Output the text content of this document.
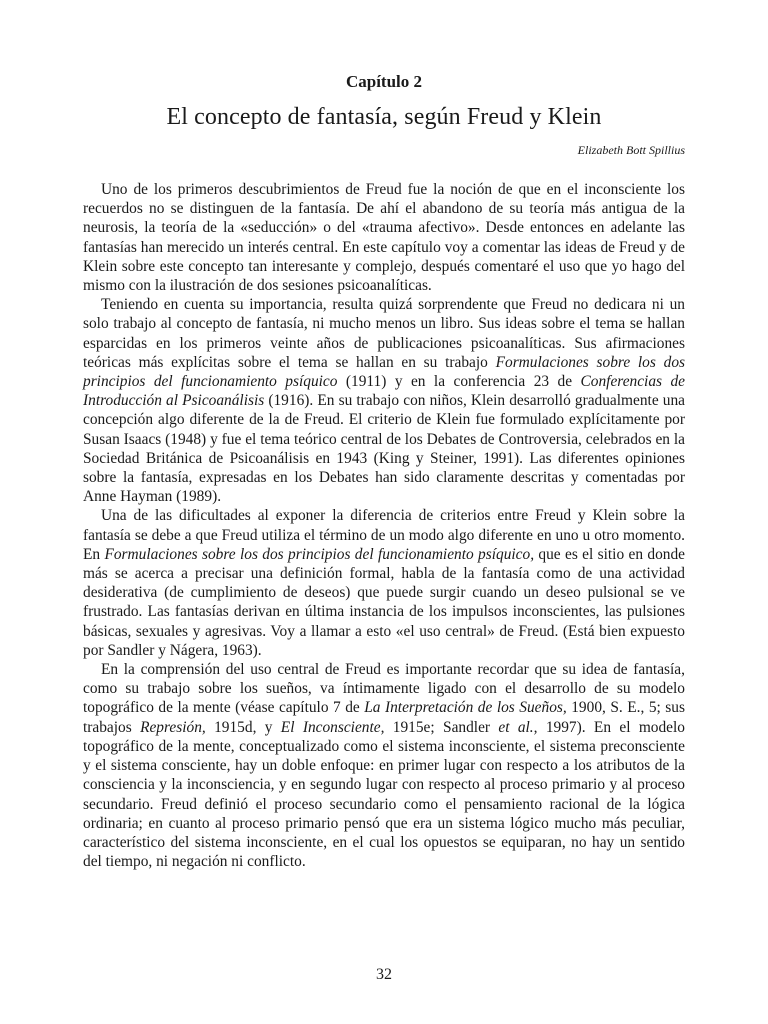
Capítulo 2
El concepto de fantasía, según Freud y Klein
Elizabeth Bott Spillius

Uno de los primeros descubrimientos de Freud fue la noción de que en el inconsciente los recuerdos no se distinguen de la fantasía. De ahí el abandono de su teoría más antigua de la neurosis, la teoría de la «seducción» o del «trauma afectivo». Desde entonces en adelante las fantasías han merecido un interés central. En este capítulo voy a comentar las ideas de Freud y de Klein sobre este concepto tan interesante y complejo, después comentaré el uso que yo hago del mismo con la ilustración de dos sesiones psicoanalíticas.

Teniendo en cuenta su importancia, resulta quizá sorprendente que Freud no dedicara ni un solo trabajo al concepto de fantasía, ni mucho menos un libro. Sus ideas sobre el tema se hallan esparcidas en los primeros veinte años de publicaciones psicoanalíticas. Sus afirmaciones teóricas más explícitas sobre el tema se hallan en su trabajo Formulaciones sobre los dos principios del funcionamiento psíquico (1911) y en la conferencia 23 de Conferencias de Introducción al Psicoanálisis (1916). En su trabajo con niños, Klein desarrolló gradualmente una concepción algo diferente de la de Freud. El criterio de Klein fue formulado explícitamente por Susan Isaacs (1948) y fue el tema teórico central de los Debates de Controversia, celebrados en la Sociedad Británica de Psicoanálisis en 1943 (King y Steiner, 1991). Las diferentes opiniones sobre la fantasía, expresadas en los Debates han sido claramente descritas y comentadas por Anne Hayman (1989).

Una de las dificultades al exponer la diferencia de criterios entre Freud y Klein sobre la fantasía se debe a que Freud utiliza el término de un modo algo diferente en uno u otro momento. En Formulaciones sobre los dos principios del funcionamiento psíquico, que es el sitio en donde más se acerca a precisar una definición formal, habla de la fantasía como de una actividad desiderativa (de cumplimiento de deseos) que puede surgir cuando un deseo pulsional se ve frustrado. Las fantasías derivan en última instancia de los impulsos inconscientes, las pulsiones básicas, sexuales y agresivas. Voy a llamar a esto «el uso central» de Freud. (Está bien expuesto por Sandler y Nágera, 1963).

En la comprensión del uso central de Freud es importante recordar que su idea de fantasía, como su trabajo sobre los sueños, va íntimamente ligado con el desarrollo de su modelo topográfico de la mente (véase capítulo 7 de La Interpretación de los Sueños, 1900, S. E., 5; sus trabajos Represión, 1915d, y El Inconsciente, 1915e; Sandler et al., 1997). En el modelo topográfico de la mente, conceptualizado como el sistema inconsciente, el sistema preconsciente y el sistema consciente, hay un doble enfoque: en primer lugar con respecto a los atributos de la consciencia y la inconsciencia, y en segundo lugar con respecto al proceso primario y al proceso secundario. Freud definió el proceso secundario como el pensamiento racional de la lógica ordinaria; en cuanto al proceso primario pensó que era un sistema lógico mucho más peculiar, característico del sistema inconsciente, en el cual los opuestos se equiparan, no hay un sentido del tiempo, ni negación ni conflicto.

32
